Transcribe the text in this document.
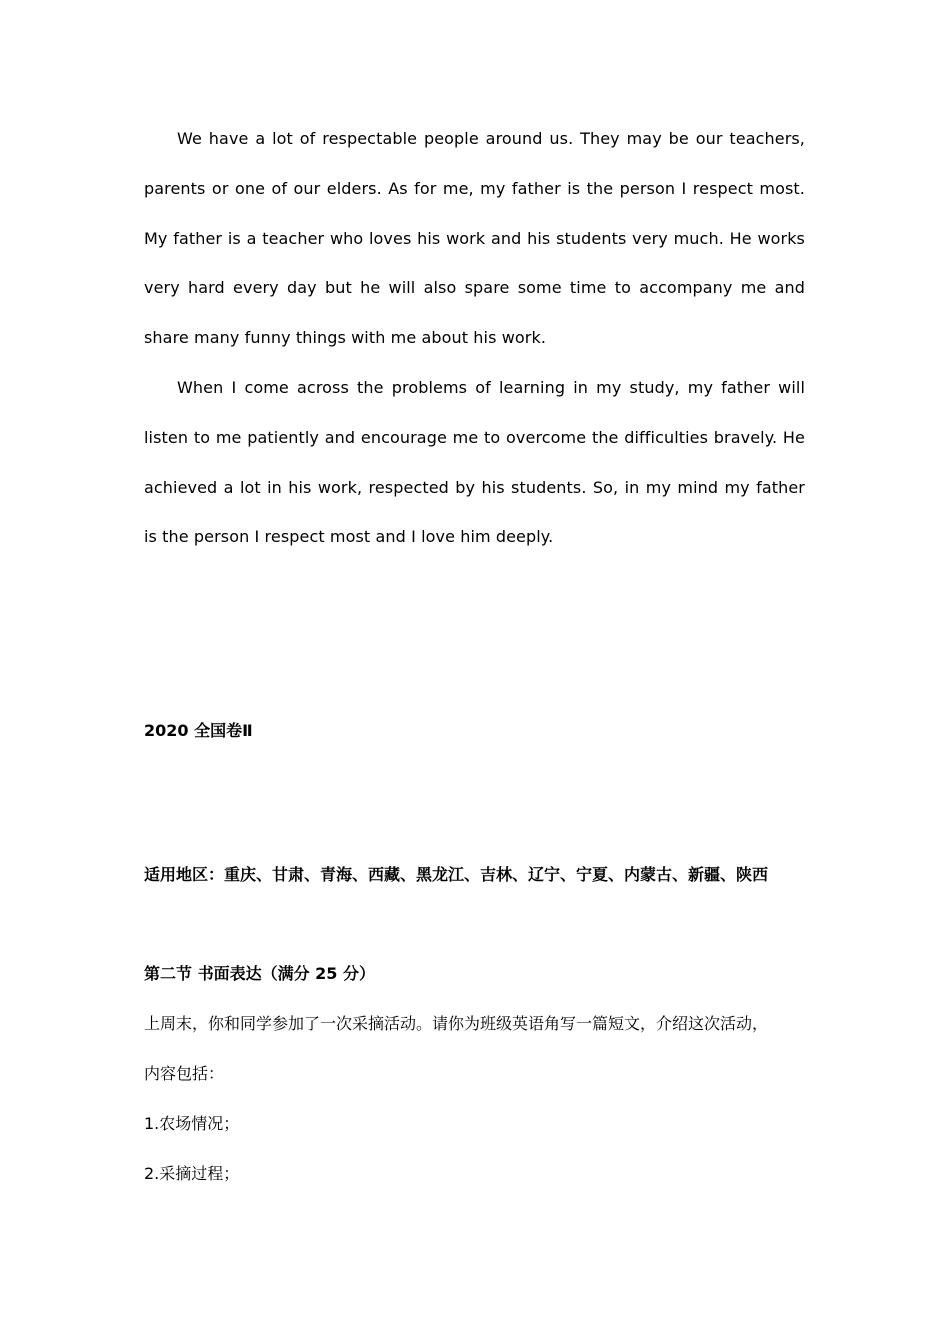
We have a lot of respectable people around us. They may be our teachers, parents or one of our elders. As for me, my father is the person I respect most. My father is a teacher who loves his work and his students very much. He works very hard every day but he will also spare some time to accompany me and share many funny things with me about his work.

When I come across the problems of learning in my study, my father will listen to me patiently and encourage me to overcome the difficulties bravely. He achieved a lot in his work, respected by his students. So, in my mind my father is the person I respect most and I love him deeply.

2020 全国卷Ⅱ
适用地区：重庆、甘肃、青海、西藏、黑龙江、吉林、辽宁、宁夏、内蒙古、新疆、陕西
第二节 书面表达（满分 25 分）
上周末，你和同学参加了一次采摘活动。请你为班级英语角写一篇短文，介绍这次活动，
内容包括：
1.农场情况；
2.采摘过程；
